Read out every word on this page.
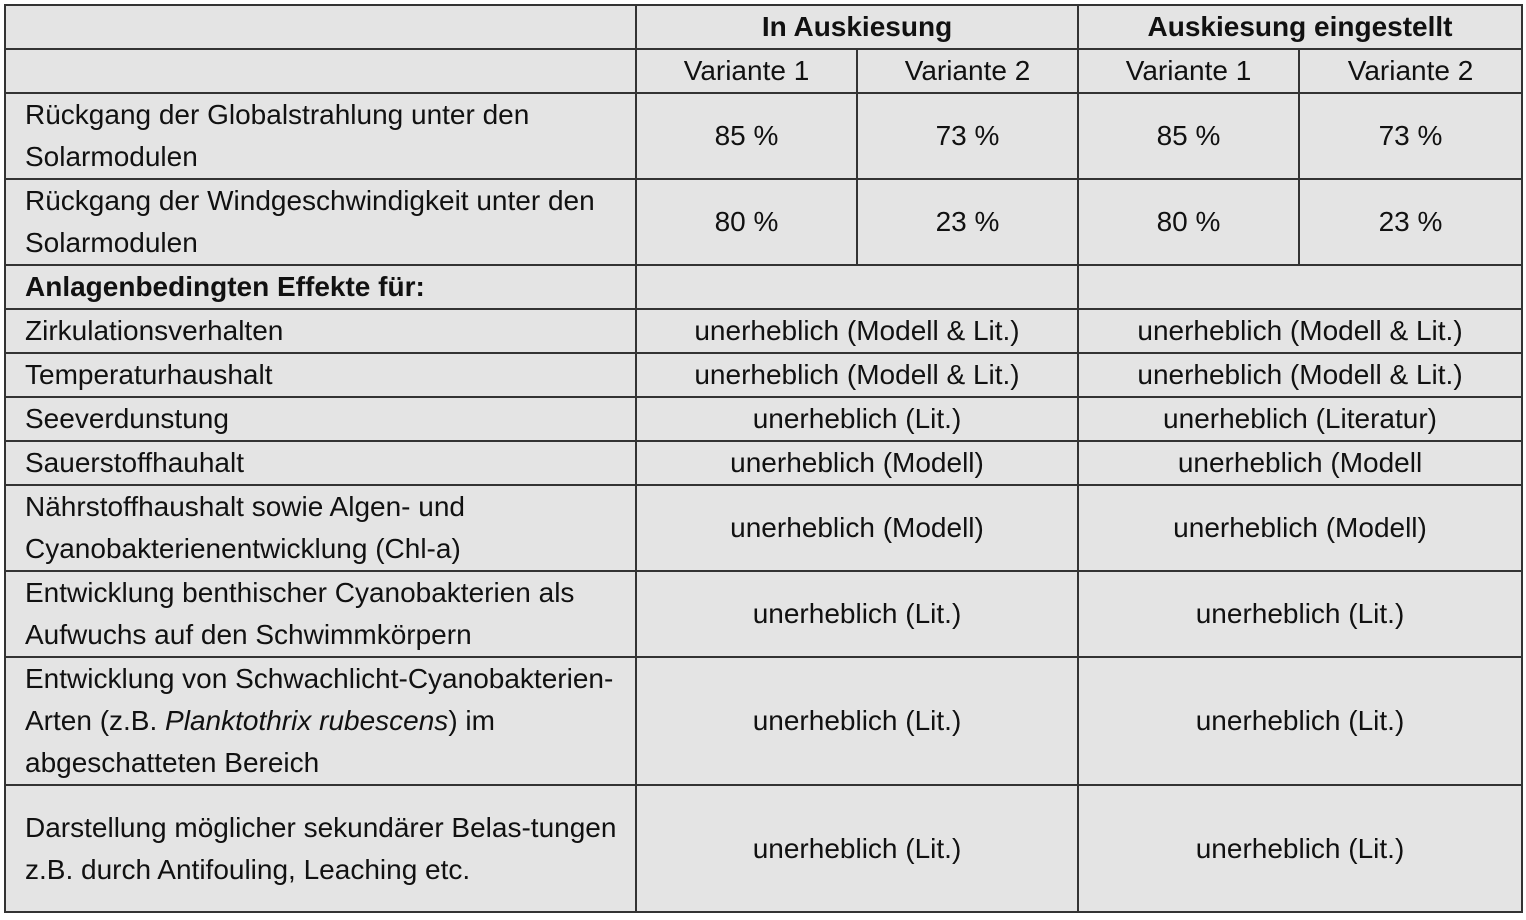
	In Auskiesung		Auskiesung eingestellt	
	Variante 1	Variante 2	Variante 1	Variante 2
Rückgang der Globalstrahlung unter den Solarmodulen	85 %	73 %	85 %	73 %
Rückgang der Windgeschwindigkeit unter den Solarmodulen	80 %	23 %	80 %	23 %
Anlagenbedingten Effekte für:				
Zirkulationsverhalten	unerheblich (Modell & Lit.)		unerheblich (Modell & Lit.)	
Temperaturhaushalt	unerheblich (Modell & Lit.)		unerheblich (Modell & Lit.)	
Seeverdunstung	unerheblich (Lit.)		unerheblich (Literatur)	
Sauerstoffhauhalt	unerheblich (Modell)		unerheblich (Modell	
Nährstoffhaushalt sowie Algen- und Cyanobakterienentwicklung (Chl-a)	unerheblich (Modell)		unerheblich (Modell)	
Entwicklung benthischer Cyanobakterien als Aufwuchs auf den Schwimmkörpern	unerheblich (Lit.)		unerheblich (Lit.)	
Entwicklung von Schwachlicht-Cyanobakterien-Arten (z.B. Planktothrix rubescens) im abgeschatteten Bereich	unerheblich (Lit.)		unerheblich (Lit.)	
Darstellung möglicher sekundärer Belas-tungen z.B. durch Antifouling, Leaching etc.	unerheblich (Lit.)		unerheblich (Lit.)	
